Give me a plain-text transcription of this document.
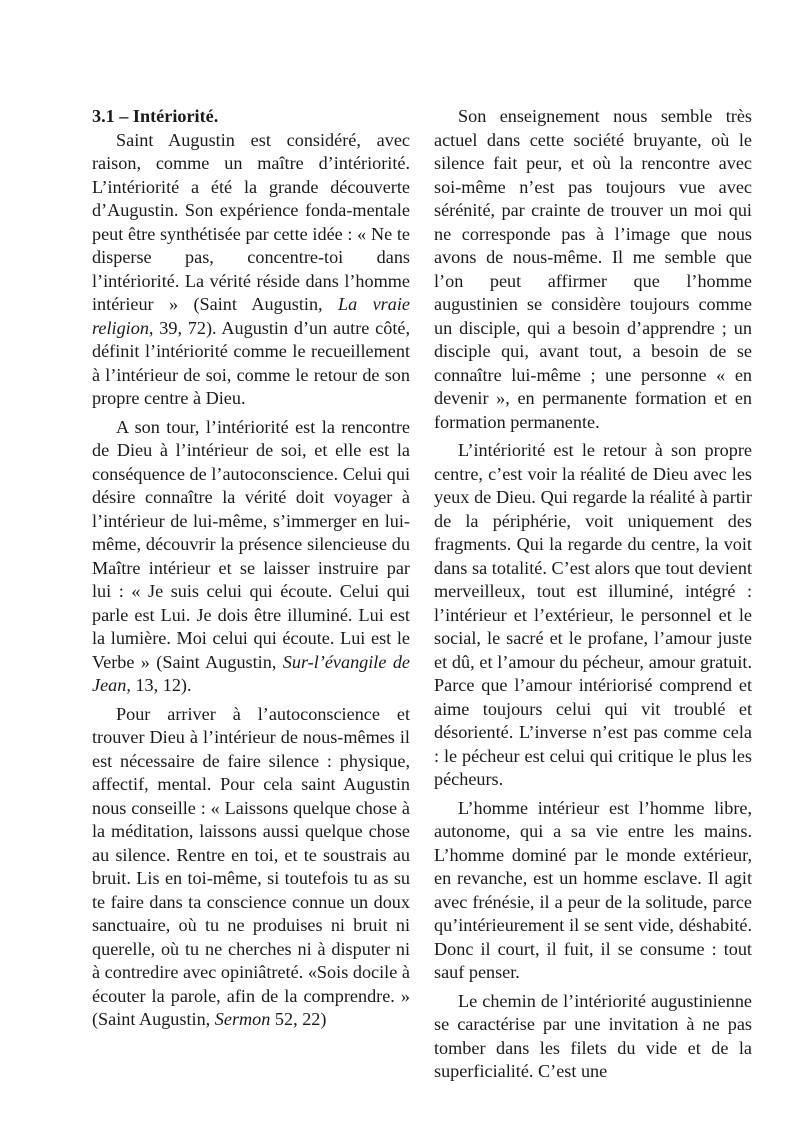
3.1 – Intériorité.

Saint Augustin est considéré, avec raison, comme un maître d’intériorité. L’intériorité a été la grande découverte d’Augustin. Son expérience fonda-mentale peut être synthétisée par cette idée : « Ne te disperse pas, concentre-toi dans l’intériorité. La vérité réside dans l’homme intérieur » (Saint Augustin, La vraie religion, 39, 72). Augustin d’un autre côté, définit l’intériorité comme le recueillement à l’intérieur de soi, comme le retour de son propre centre à Dieu.

A son tour, l’intériorité est la rencontre de Dieu à l’intérieur de soi, et elle est la conséquence de l’autoconscience. Celui qui désire connaître la vérité doit voyager à l’intérieur de lui-même, s’immerger en lui-même, découvrir la présence silencieuse du Maître intérieur et se laisser instruire par lui : « Je suis celui qui écoute. Celui qui parle est Lui. Je dois être illuminé. Lui est la lumière. Moi celui qui écoute. Lui est le Verbe » (Saint Augustin, Sur-l’évangile de Jean, 13, 12).

Pour arriver à l’autoconscience et trouver Dieu à l’intérieur de nous-mêmes il est nécessaire de faire silence : physique, affectif, mental. Pour cela saint Augustin nous conseille : « Laissons quelque chose à la méditation, laissons aussi quelque chose au silence. Rentre en toi, et te soustrais au bruit. Lis en toi-même, si toutefois tu as su te faire dans ta conscience connue un doux sanctuaire, où tu ne produises ni bruit ni querelle, où tu ne cherches ni à disputer ni à contredire avec opiniâtreté. «Sois docile à écouter la parole, afin de la comprendre. » (Saint Augustin, Sermon 52, 22)

Son enseignement nous semble très actuel dans cette société bruyante, où le silence fait peur, et où la rencontre avec soi-même n’est pas toujours vue avec sérénité, par crainte de trouver un moi qui ne corresponde pas à l’image que nous avons de nous-même. Il me semble que l’on peut affirmer que l’homme augustinien se considère toujours comme un disciple, qui a besoin d’apprendre ; un disciple qui, avant tout, a besoin de se connaître lui-même ; une personne « en devenir », en permanente formation et en formation permanente.

L’intériorité est le retour à son propre centre, c’est voir la réalité de Dieu avec les yeux de Dieu. Qui regarde la réalité à partir de la périphérie, voit uniquement des fragments. Qui la regarde du centre, la voit dans sa totalité. C’est alors que tout devient merveilleux, tout est illuminé, intégré : l’intérieur et l’extérieur, le personnel et le social, le sacré et le profane, l’amour juste et dû, et l’amour du pécheur, amour gratuit. Parce que l’amour intériorisé comprend et aime toujours celui qui vit troublé et désorienté. L’inverse n’est pas comme cela : le pécheur est celui qui critique le plus les pécheurs.

L’homme intérieur est l’homme libre, autonome, qui a sa vie entre les mains. L’homme dominé par le monde extérieur, en revanche, est un homme esclave. Il agit avec frénésie, il a peur de la solitude, parce qu’intérieurement il se sent vide, déshabité. Donc il court, il fuit, il se consume : tout sauf penser.

Le chemin de l’intériorité augustinienne se caractérise par une invitation à ne pas tomber dans les filets du vide et de la superficialité. C’est une
